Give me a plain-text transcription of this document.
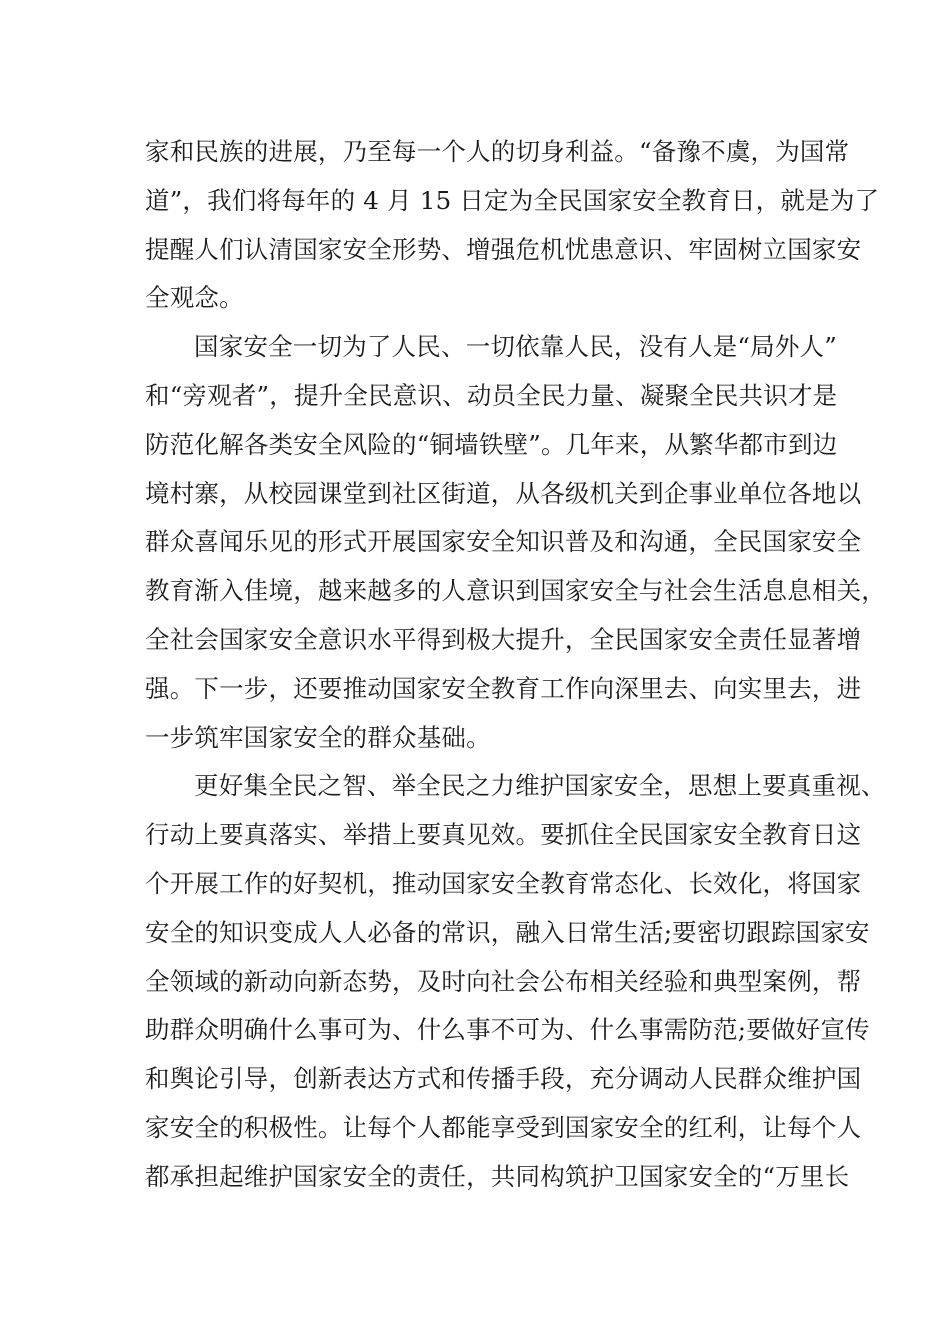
家和民族的进展，乃至每一个人的切身利益。“备豫不虞，为国常
道”，我们将每年的 4 月 15 日定为全民国家安全教育日，就是为了
提醒人们认清国家安全形势、增强危机忧患意识、牢固树立国家安
全观念。
国家安全一切为了人民、一切依靠人民，没有人是“局外人”
和“旁观者”，提升全民意识、动员全民力量、凝聚全民共识才是
防范化解各类安全风险的“铜墙铁壁”。几年来，从繁华都市到边
境村寨，从校园课堂到社区街道，从各级机关到企事业单位各地以
群众喜闻乐见的形式开展国家安全知识普及和沟通，全民国家安全
教育渐入佳境，越来越多的人意识到国家安全与社会生活息息相关，
全社会国家安全意识水平得到极大提升，全民国家安全责任显著增
强。下一步，还要推动国家安全教育工作向深里去、向实里去，进
一步筑牢国家安全的群众基础。
更好集全民之智、举全民之力维护国家安全，思想上要真重视、
行动上要真落实、举措上要真见效。要抓住全民国家安全教育日这
个开展工作的好契机，推动国家安全教育常态化、长效化，将国家
安全的知识变成人人必备的常识，融入日常生活;要密切跟踪国家安
全领域的新动向新态势，及时向社会公布相关经验和典型案例，帮
助群众明确什么事可为、什么事不可为、什么事需防范;要做好宣传
和舆论引导，创新表达方式和传播手段，充分调动人民群众维护国
家安全的积极性。让每个人都能享受到国家安全的红利，让每个人
都承担起维护国家安全的责任，共同构筑护卫国家安全的“万里长
